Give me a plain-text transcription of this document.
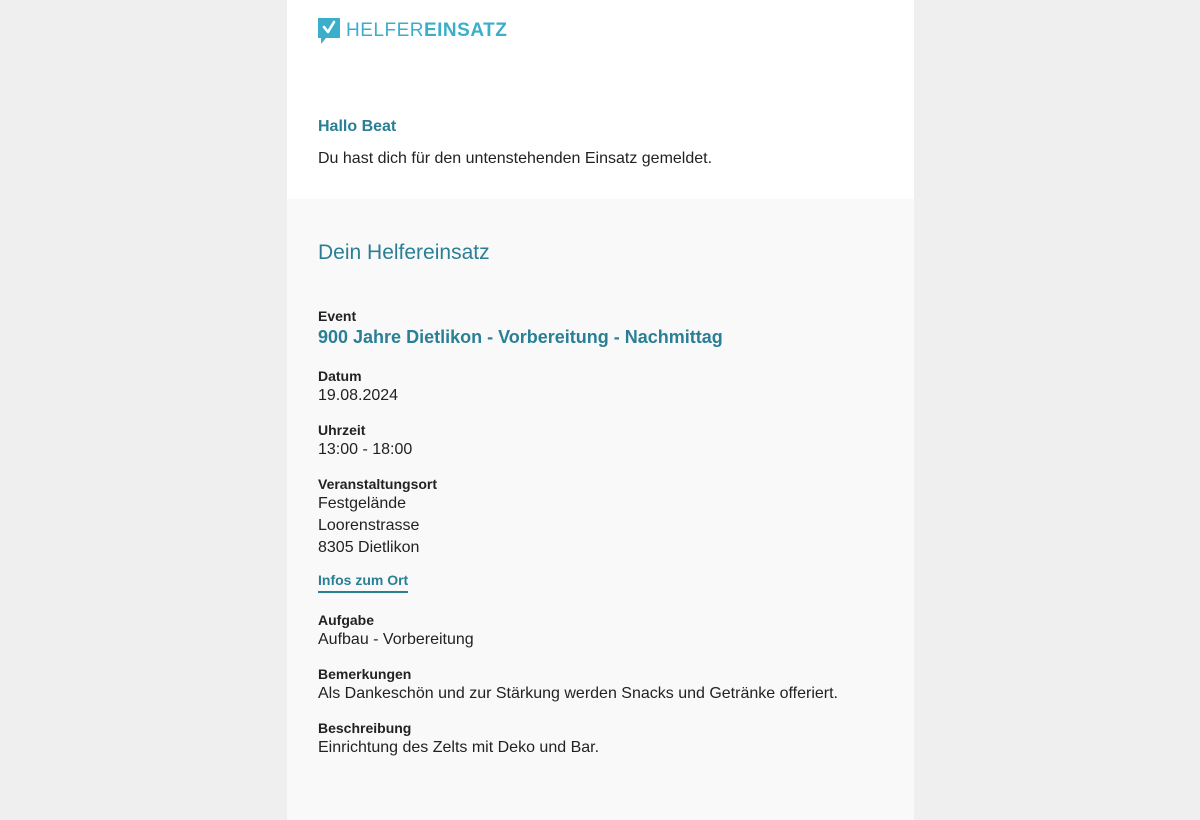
HELFEREINSATZ
Hallo Beat
Du hast dich für den untenstehenden Einsatz gemeldet.
Dein Helfereinsatz
Event
900 Jahre Dietlikon - Vorbereitung - Nachmittag
Datum
19.08.2024
Uhrzeit
13:00 - 18:00
Veranstaltungsort
Festgelände
Loorenstrasse
8305 Dietlikon
Infos zum Ort
Aufgabe
Aufbau - Vorbereitung
Bemerkungen
Als Dankeschön und zur Stärkung werden Snacks und Getränke offeriert.
Beschreibung
Einrichtung des Zelts mit Deko und Bar.
